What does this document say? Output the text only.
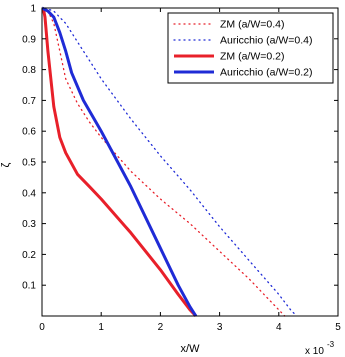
0	1	2	3	4	5
0.1
0.2
0.3
0.4
0.5
0.6
0.7
0.8
0.9
1
x/W
ζ
x 10
-3
ZM (a/W=0.4)
Auricchio (a/W=0.4)
ZM (a/W=0.2)
Auricchio (a/W=0.2)
